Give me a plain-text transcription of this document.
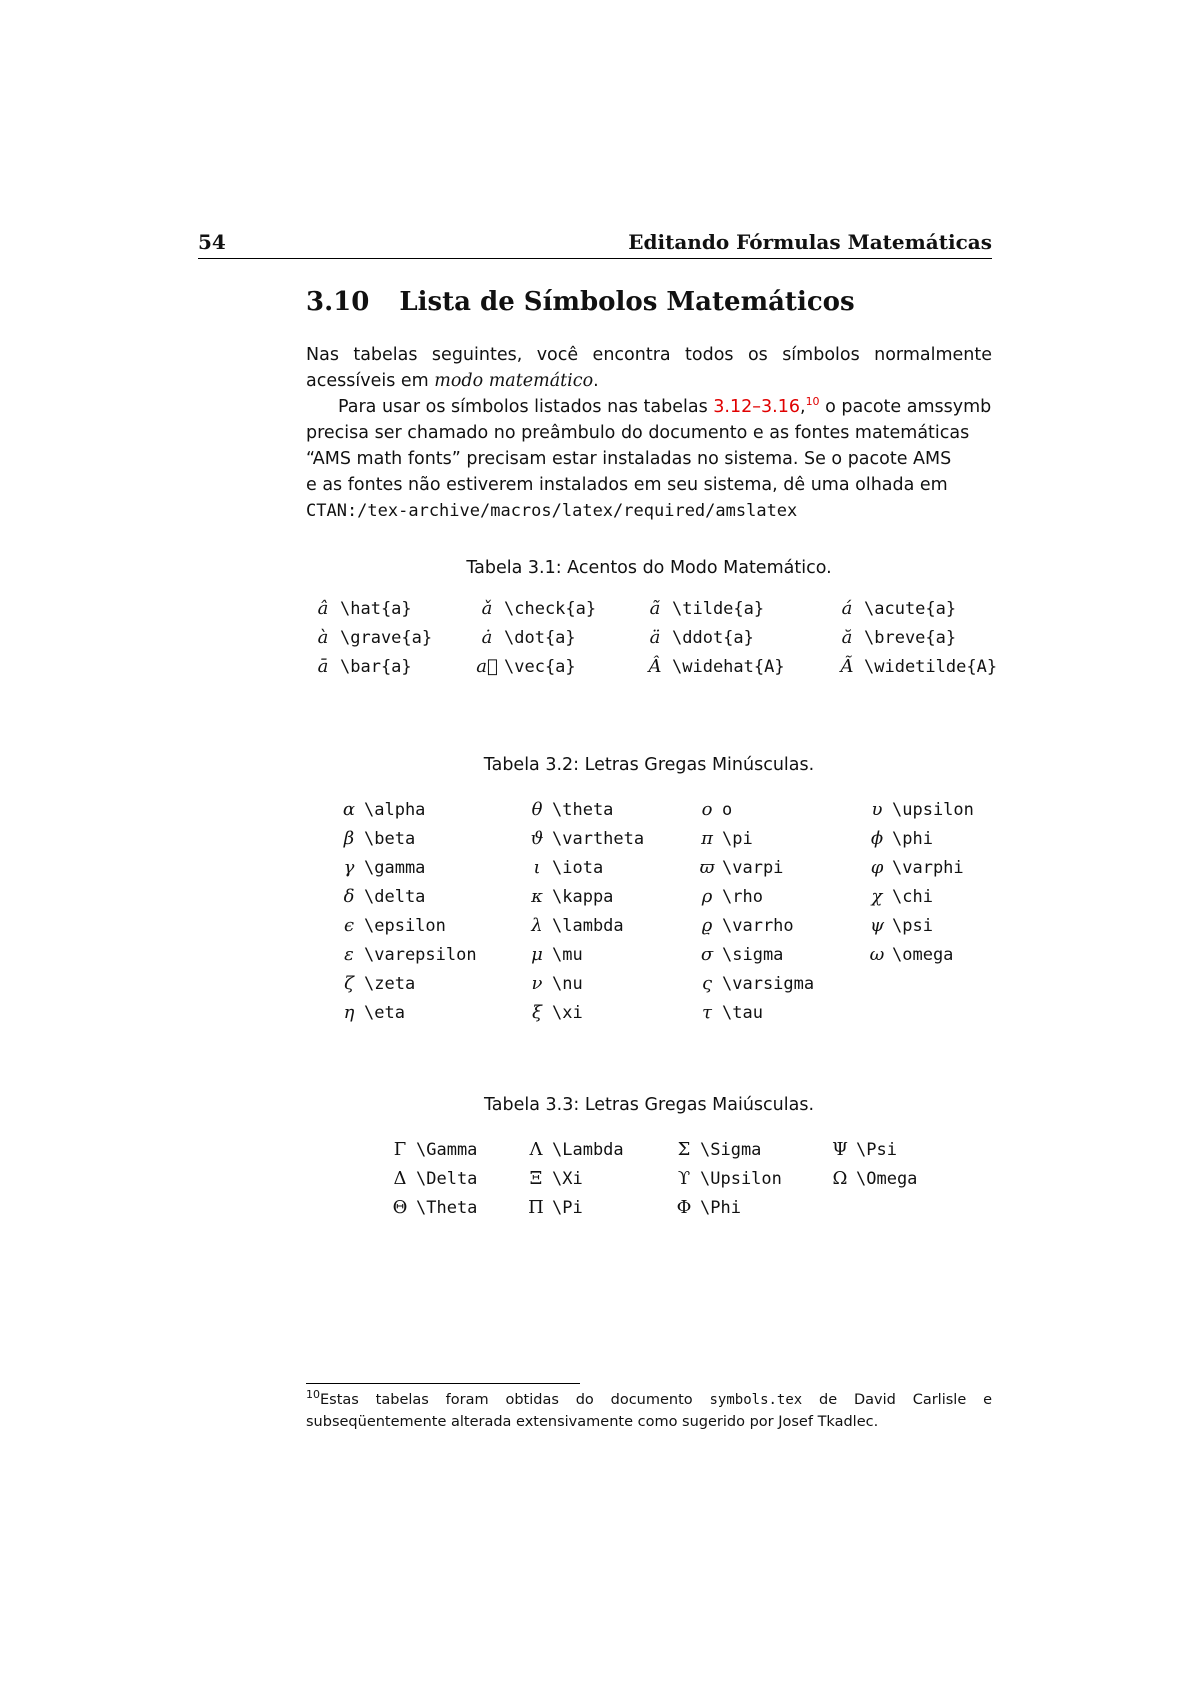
54	Editando Fórmulas Matemáticas
3.10 Lista de Símbolos Matemáticos
Nas tabelas seguintes, você encontra todos os símbolos normalmente acessíveis em modo matemático.
Para usar os símbolos listados nas tabelas 3.12–3.16,10 o pacote amssymb
precisa ser chamado no preâmbulo do documento e as fontes matemáticas
“AMS math fonts” precisam estar instaladas no sistema. Se o pacote AMS
e as fontes não estiverem instalados em seu sistema, dê uma olhada em
CTAN:/tex-archive/macros/latex/required/amslatex
Tabela 3.1: Acentos do Modo Matemático.
â	\hat{a}	ǎ	\check{a}	ã	\tilde{a}	á	\acute{a}
à	\grave{a}	ȧ	\dot{a}	ä	\ddot{a}	ă	\breve{a}
ā	\bar{a}	a⃗	\vec{a}	Â	\widehat{A}	Ã	\widetilde{A}
Tabela 3.2: Letras Gregas Minúsculas.
α	\alpha	θ	\theta	o	o	υ	\upsilon
β	\beta	ϑ	\vartheta	π	\pi	ϕ	\phi
γ	\gamma	ι	\iota	ϖ	\varpi	φ	\varphi
δ	\delta	κ	\kappa	ρ	\rho	χ	\chi
ϵ	\epsilon	λ	\lambda	ϱ	\varrho	ψ	\psi
ε	\varepsilon	μ	\mu	σ	\sigma	ω	\omega
ζ	\zeta	ν	\nu	ς	\varsigma		
η	\eta	ξ	\xi	τ	\tau		
Tabela 3.3: Letras Gregas Maiúsculas.
Γ	\Gamma	Λ	\Lambda	Σ	\Sigma	Ψ	\Psi
Δ	\Delta	Ξ	\Xi	ϒ	\Upsilon	Ω	\Omega
Θ	\Theta	Π	\Pi	Φ	\Phi		
$^{10}$Estas tabelas foram obtidas do documento symbols.tex de David Carlisle e subseqüentemente alterada extensivamente como sugerido por Josef Tkadlec.
